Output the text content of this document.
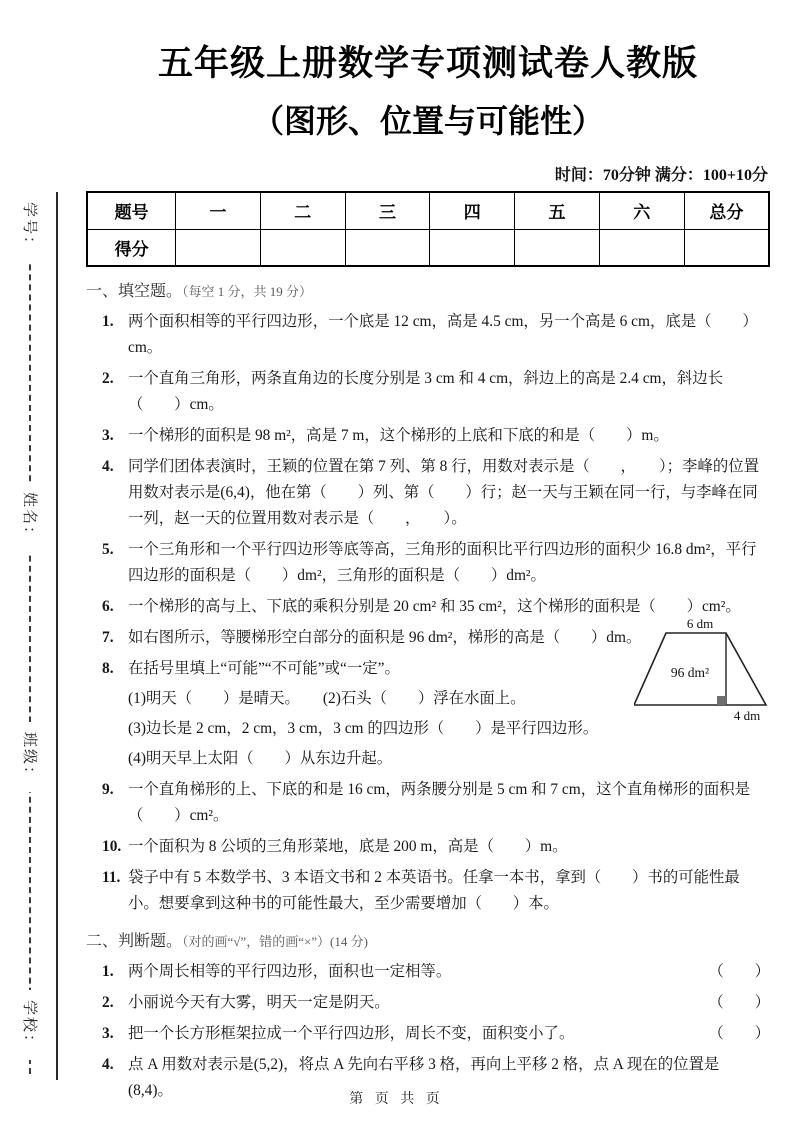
学号：
姓名：
班级：
学校：
五年级上册数学专项测试卷人教版
（图形、位置与可能性）
时间：70分钟 满分：100+10分
题号	一	二	三	四	五	六	总分
得分							
一、填空题。（每空 1 分，共 19 分）
1. 两个面积相等的平行四边形，一个底是 12 cm，高是 4.5 cm，另一个高是 6 cm，底是（　　）cm。
2. 一个直角三角形，两条直角边的长度分别是 3 cm 和 4 cm，斜边上的高是 2.4 cm，斜边长（　　）cm。
3. 一个梯形的面积是 98 m²，高是 7 m，这个梯形的上底和下底的和是（　　）m。
4. 同学们团体表演时，王颖的位置在第 7 列、第 8 行，用数对表示是（　　，　　）；李峰的位置用数对表示是(6,4)，他在第（　　）列、第（　　）行；赵一天与王颖在同一行，与李峰在同一列，赵一天的位置用数对表示是（　　，　　）。
5. 一个三角形和一个平行四边形等底等高，三角形的面积比平行四边形的面积少 16.8 dm²，平行四边形的面积是（　　）dm²，三角形的面积是（　　）dm²。
6. 一个梯形的高与上、下底的乘积分别是 20 cm² 和 35 cm²，这个梯形的面积是（　　）cm²。
6 dm
96 dm²
4 dm
7. 如右图所示，等腰梯形空白部分的面积是 96 dm²，梯形的高是（　　）dm。
8. 在括号里填上“可能”“不可能”或“一定”。
(1)明天（　　）是晴天。　　(2)石头（　　）浮在水面上。
(3)边长是 2 cm，2 cm，3 cm，3 cm 的四边形（　　）是平行四边形。
(4)明天早上太阳（　　）从东边升起。
9. 一个直角梯形的上、下底的和是 16 cm，两条腰分别是 5 cm 和 7 cm，这个直角梯形的面积是（　　）cm²。
10. 一个面积为 8 公顷的三角形菜地，底是 200 m，高是（　　）m。
11. 袋子中有 5 本数学书、3 本语文书和 2 本英语书。任拿一本书，拿到（　　）书的可能性最小。想要拿到这种书的可能性最大，至少需要增加（　　）本。
二、判断题。（对的画“√”，错的画“×”）(14 分)
1. 两个周长相等的平行四边形，面积也一定相等。	（　　）
2. 小丽说今天有大雾，明天一定是阴天。	（　　）
3. 把一个长方形框架拉成一个平行四边形，周长不变，面积变小了。	（　　）
4. 点 A 用数对表示是(5,2)，将点 A 先向右平移 3 格，再向上平移 2 格，点 A 现在的位置是(8,4)。
第 页 共 页
